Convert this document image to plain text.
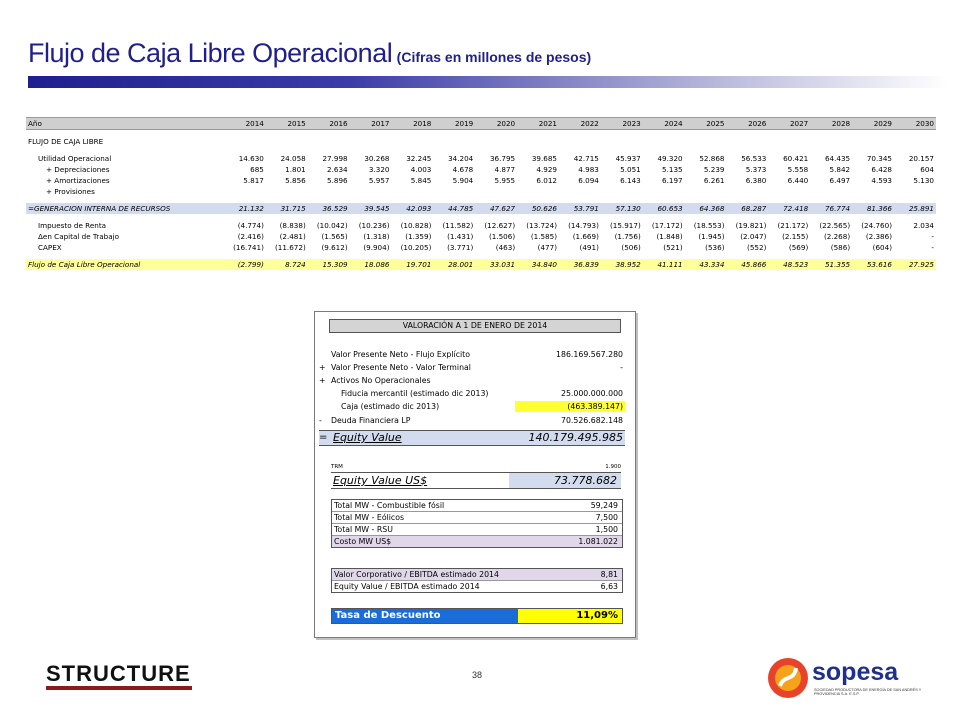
Flujo de Caja Libre Operacional (Cifras en millones de pesos)
Año	2014	2015	2016	2017	2018	2019	2020	2021	2022	2023	2024	2025	2026	2027	2028	2029	2030

FLUJO DE CAJA LIBRE																	

Utilidad Operacional	14.630	24.058	27.998	30.268	32.245	34.204	36.795	39.685	42.715	45.937	49.320	52.868	56.533	60.421	64.435	70.345	20.157
+ Depreciaciones	685	1.801	2.634	3.320	4.003	4.678	4.877	4.929	4.983	5.051	5.135	5.239	5.373	5.558	5.842	6.428	604
+ Amortizaciones	5.817	5.856	5.896	5.957	5.845	5.904	5.955	6.012	6.094	6.143	6.197	6.261	6.380	6.440	6.497	4.593	5.130
+ Provisiones																	

=GENERACION INTERNA DE RECURSOS	21.132	31.715	36.529	39.545	42.093	44.785	47.627	50.626	53.791	57.130	60.653	64.368	68.287	72.418	76.774	81.366	25.891

Impuesto de Renta	(4.774)	(8.838)	(10.042)	(10.236)	(10.828)	(11.582)	(12.627)	(13.724)	(14.793)	(15.917)	(17.172)	(18.553)	(19.821)	(21.172)	(22.565)	(24.760)	2.034
Δen Capital de Trabajo	(2.416)	(2.481)	(1.565)	(1.318)	(1.359)	(1.431)	(1.506)	(1.585)	(1.669)	(1.756)	(1.848)	(1.945)	(2.047)	(2.155)	(2.268)	(2.386)	-
CAPEX	(16.741)	(11.672)	(9.612)	(9.904)	(10.205)	(3.771)	(463)	(477)	(491)	(506)	(521)	(536)	(552)	(569)	(586)	(604)	-

Flujo de Caja Libre Operacional	(2.799)	8.724	15.309	18.086	19.701	28.001	33.031	34.840	36.839	38.952	41.111	43.334	45.866	48.523	51.355	53.616	27.925
VALORACIÓN A 1 DE ENERO DE 2014
Valor Presente Neto - Flujo Explícito	186.169.567.280
+ Valor Presente Neto - Valor Terminal	-
+ Activos No Operacionales
Fiducia mercantil (estimado dic 2013)	25.000.000.000
Caja (estimado dic 2013)	(463.389.147)
-	Deuda Financiera LP	70.526.682.148
= Equity Value	140.179.495.985
TRM	1.900
Equity Value US$	73.778.682
Total MW - Combustible fósil	59,249
Total MW - Eólicos	7,500
Total MW - RSU	1,500
Costo MW US$	1.081.022
Valor Corporativo / EBITDA estimado 2014	8,81
Equity Value / EBITDA estimado 2014	6,63
Tasa de Descuento	11,09%
STRUCTURE	38	sopesa
SOCIEDAD PRODUCTORA DE ENERGÍA DE SAN ANDRÉS Y PROVIDENCIA S.A. E.S.P.
